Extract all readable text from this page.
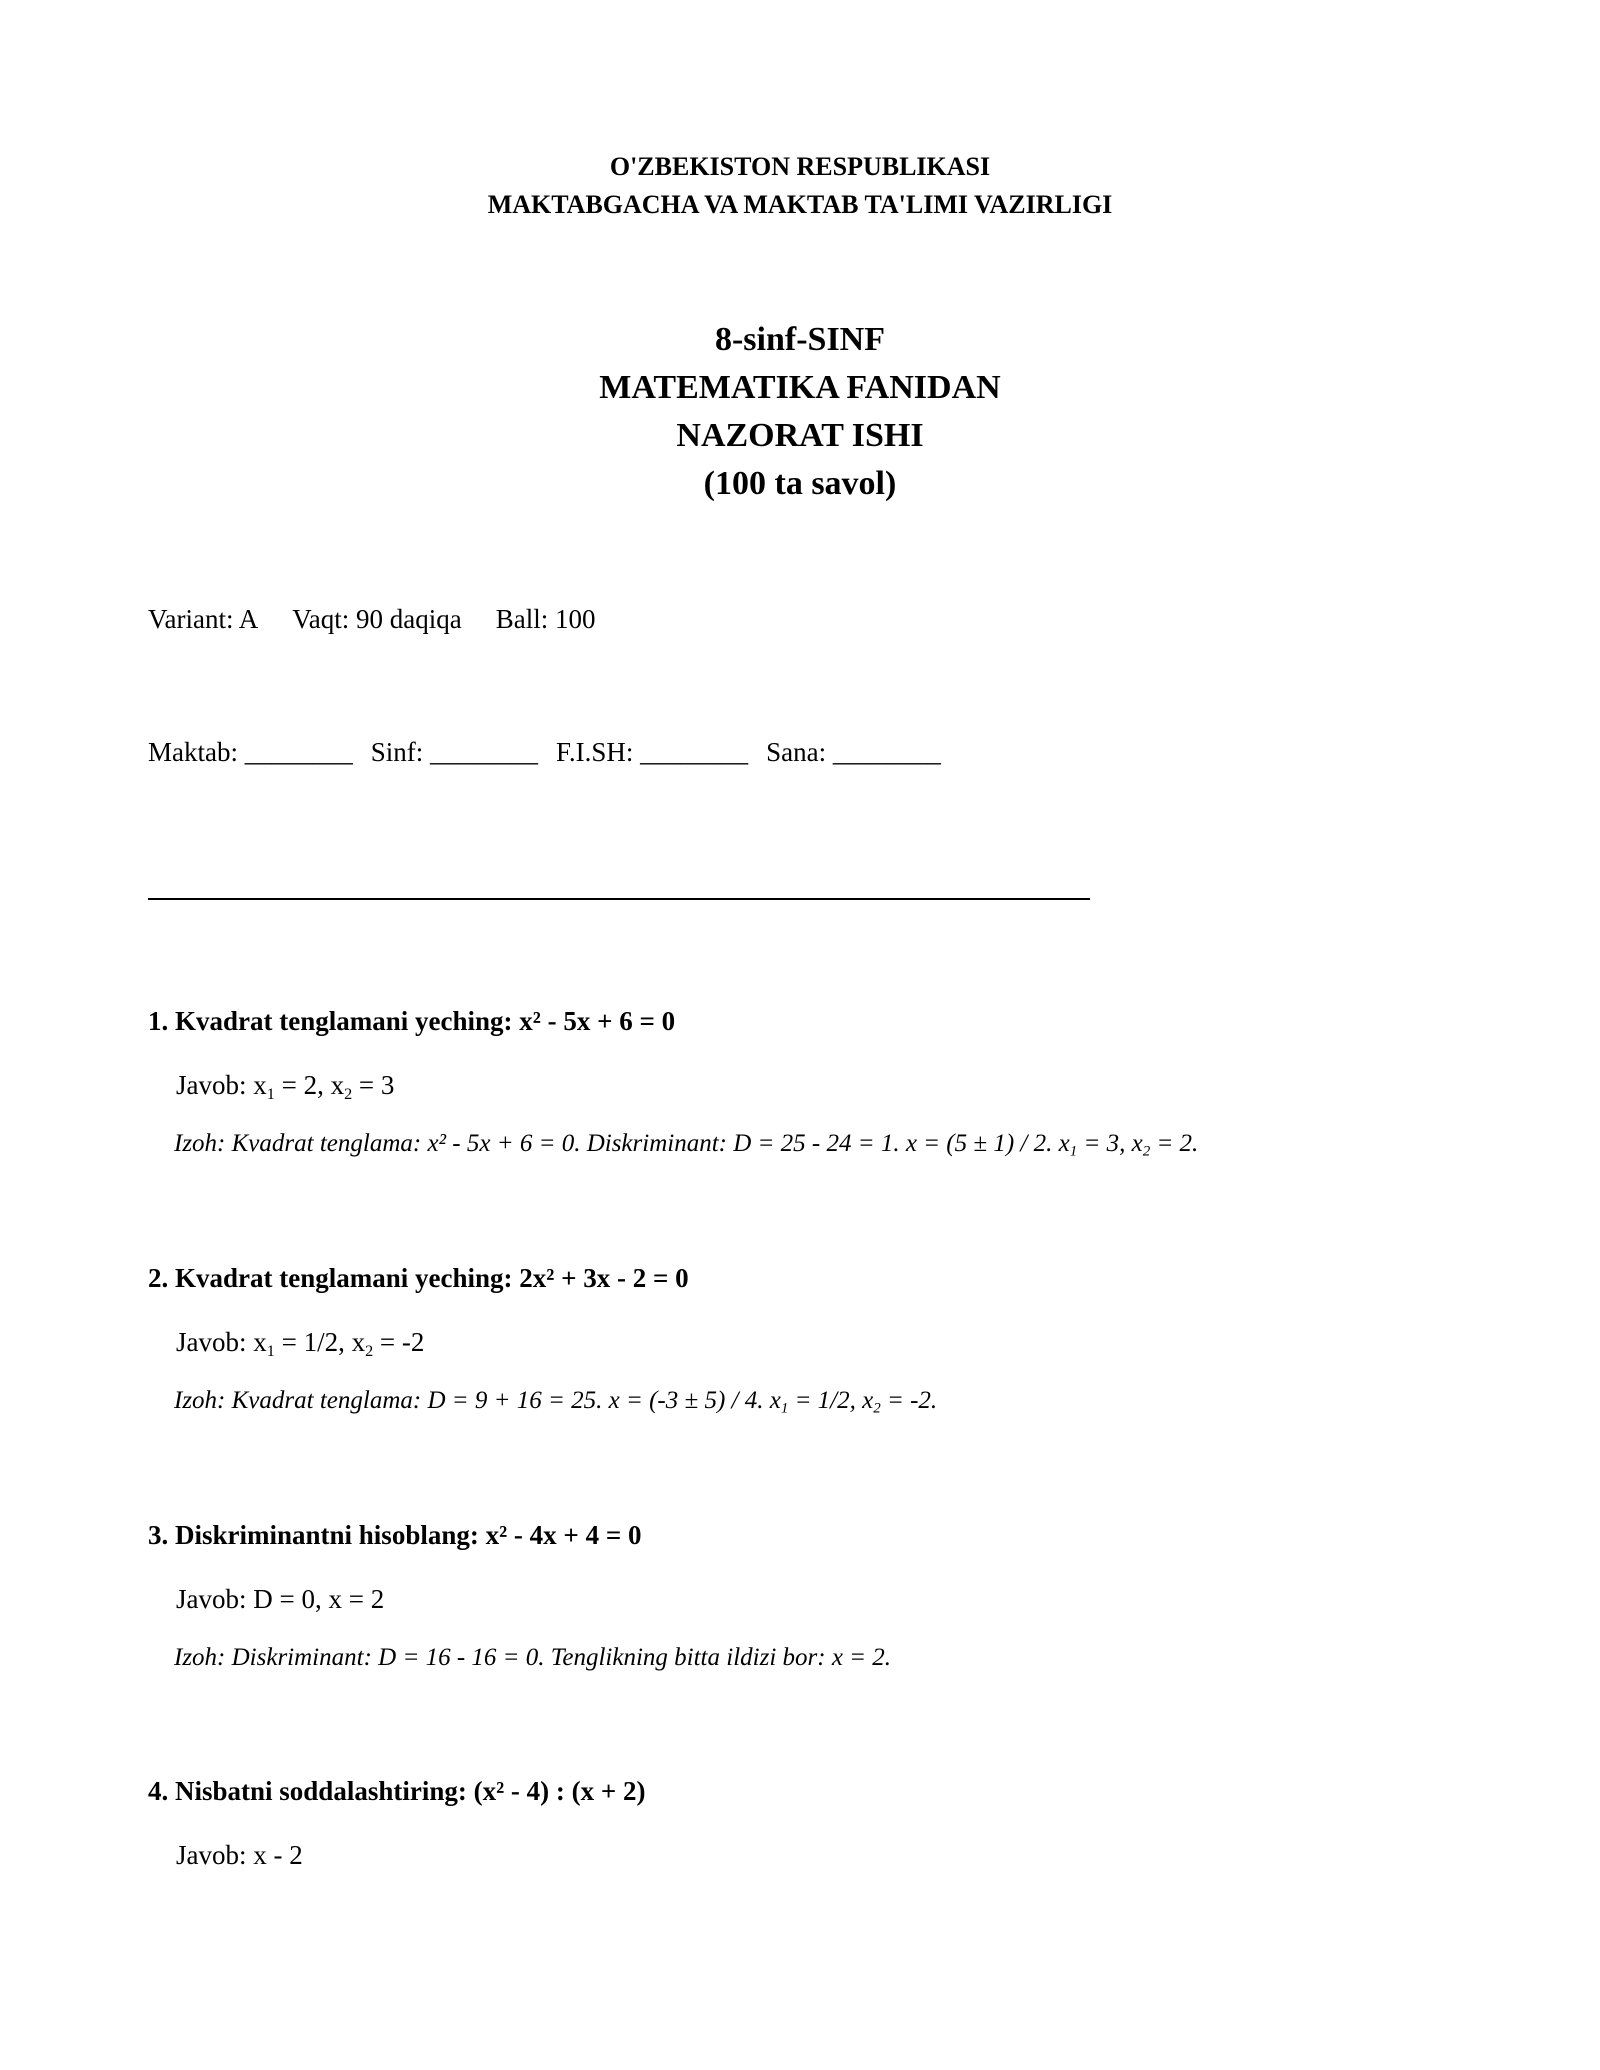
O'ZBEKISTON RESPUBLIKASI
MAKTABGACHA VA MAKTAB TA'LIMI VAZIRLIGI
8-sinf-SINF
MATEMATIKA FANIDAN
NAZORAT ISHI
(100 ta savol)
Variant: A Vaqt: 90 daqiqa Ball: 100
Maktab: ________ Sinf: ________ F.I.SH: ________ Sana: ________
1. Kvadrat tenglamani yeching: x² - 5x + 6 = 0
Javob: $x_1 = 2$, $x_2 = 3$
Izoh: Kvadrat tenglama: x² - 5x + 6 = 0. Diskriminant: D = 25 - 24 = 1. x = (5 ± 1) / 2. $x_1 = 3$, $x_2 = 2$.
2. Kvadrat tenglamani yeching: 2x² + 3x - 2 = 0
Javob: $x_1 = 1/2$, $x_2 = -2$
Izoh: Kvadrat tenglama: D = 9 + 16 = 25. x = (-3 ± 5) / 4. $x_1 = 1/2$, $x_2 = -2$.
3. Diskriminantni hisoblang: x² - 4x + 4 = 0
Javob: D = 0, x = 2
Izoh: Diskriminant: D = 16 - 16 = 0. Tenglikning bitta ildizi bor: x = 2.
4. Nisbatni soddalashtiring: (x² - 4) : (x + 2)
Javob: x - 2
